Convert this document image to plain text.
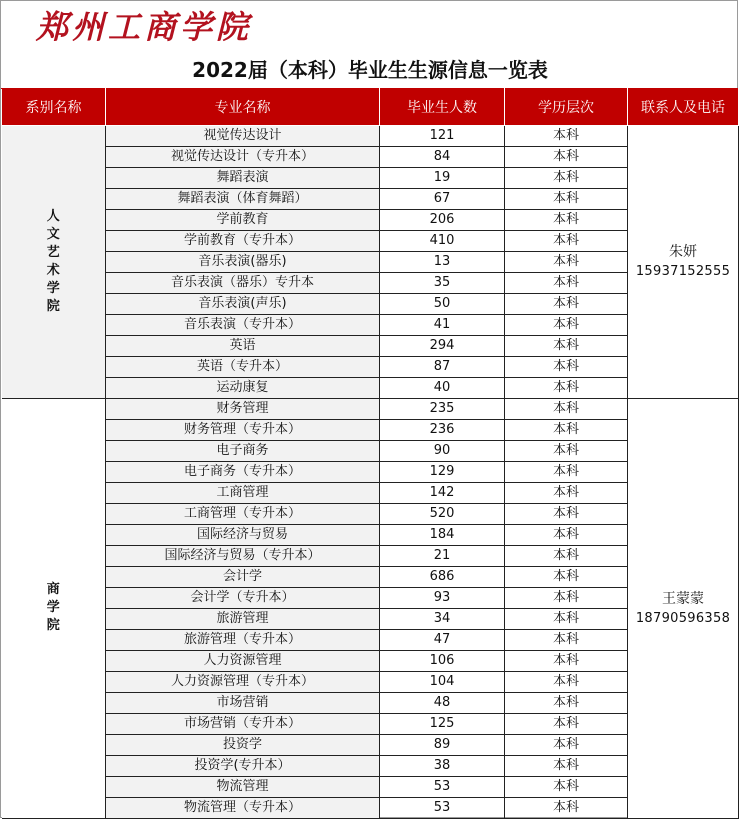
郑州工商学院
2022届（本科）毕业生生源信息一览表
系别名称	专业名称	毕业生人数	学历层次	联系人及电话
人文艺术学院	视觉传达设计	121	本科	朱妍
15937152555

	视觉传达设计（专升本）	84	本科	
	舞蹈表演	19	本科	
	舞蹈表演（体育舞蹈）	67	本科	
	学前教育	206	本科	
	学前教育（专升本）	410	本科	
	音乐表演(器乐)	13	本科	
	音乐表演（器乐）专升本	35	本科	
	音乐表演(声乐)	50	本科	
	音乐表演（专升本）	41	本科	
	英语	294	本科	
	英语（专升本）	87	本科	
	运动康复	40	本科	
商学院	财务管理	235	本科	王蒙蒙
18790596358

	财务管理（专升本）	236	本科	
	电子商务	90	本科	
	电子商务（专升本）	129	本科	
	工商管理	142	本科	
	工商管理（专升本）	520	本科	
	国际经济与贸易	184	本科	
	国际经济与贸易（专升本）	21	本科	
	会计学	686	本科	
	会计学（专升本）	93	本科	
	旅游管理	34	本科	
	旅游管理（专升本）	47	本科	
	人力资源管理	106	本科	
	人力资源管理（专升本）	104	本科	
	市场营销	48	本科	
	市场营销（专升本）	125	本科	
	投资学	89	本科	
	投资学(专升本）	38	本科	
	物流管理	53	本科	
	物流管理（专升本）	53	本科	
